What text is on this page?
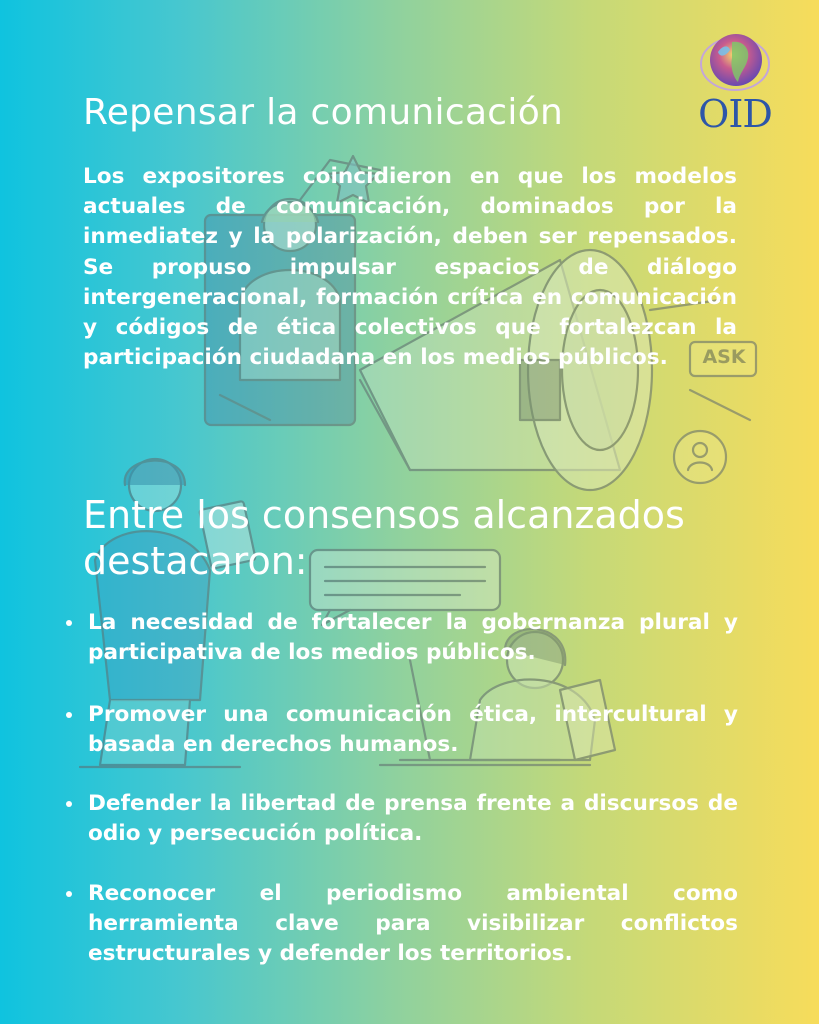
OID
Repensar la comunicación

Los expositores coincidieron en que los modelos actuales de comunicación, dominados por la inmediatez y la polarización, deben ser repensados. Se propuso impulsar espacios de diálogo intergeneracional, formación crítica en comunicación y códigos de ética colectivos que fortalezcan la participación ciudadana en los medios públicos.

Entre los consensos alcanzados destacaron:
La necesidad de fortalecer la gobernanza plural y participativa de los medios públicos.
Promover una comunicación ética, intercultural y basada en derechos humanos.
Defender la libertad de prensa frente a discursos de odio y persecución política.
Reconocer el periodismo ambiental como herramienta clave para visibilizar conflictos estructurales y defender los territorios.
ASK
